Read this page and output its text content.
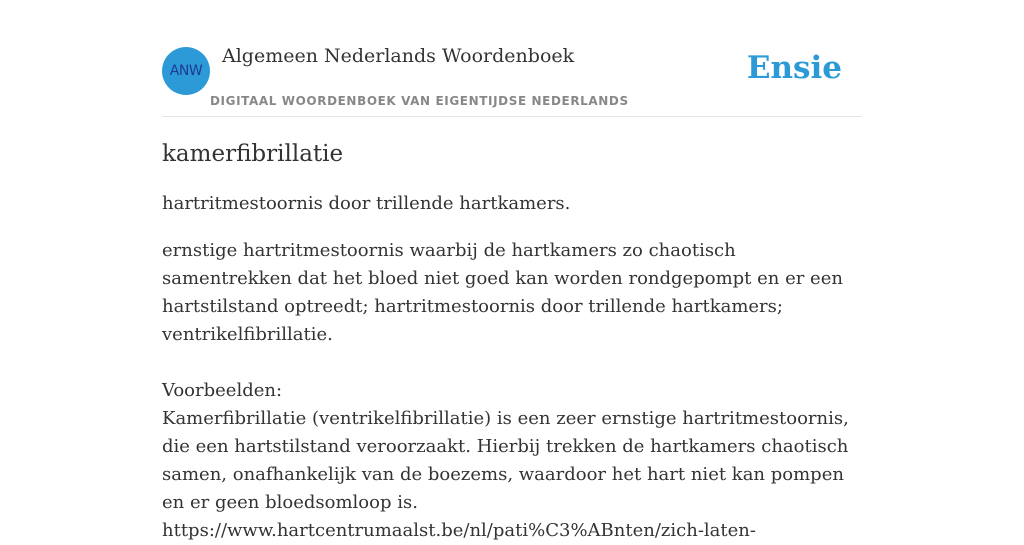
ANW
Algemeen Nederlands Woordenboek
DIGITAAL WOORDENBOEK VAN EIGENTIJDSE NEDERLANDS
Ensie
kamerfibrillatie

hartritmestoornis door trillende hartkamers.

ernstige hartritmestoornis waarbij de hartkamers zo chaotisch samentrekken dat het bloed niet goed kan worden rondgepompt en er een hartstilstand optreedt; hartritmestoornis door trillende hartkamers; ventrikelfibrillatie.

Voorbeelden:
Kamerfibrillatie (ventrikelfibrillatie) is een zeer ernstige hartritmestoornis, die een hartstilstand veroorzaakt. Hierbij trekken de hartkamers chaotisch samen, onafhankelijk van de boezems, waardoor het hart niet kan pompen en er geen bloedsomloop is.
https://www.hartcentrumaalst.be/nl/pati%C3%ABnten/zich-laten-
